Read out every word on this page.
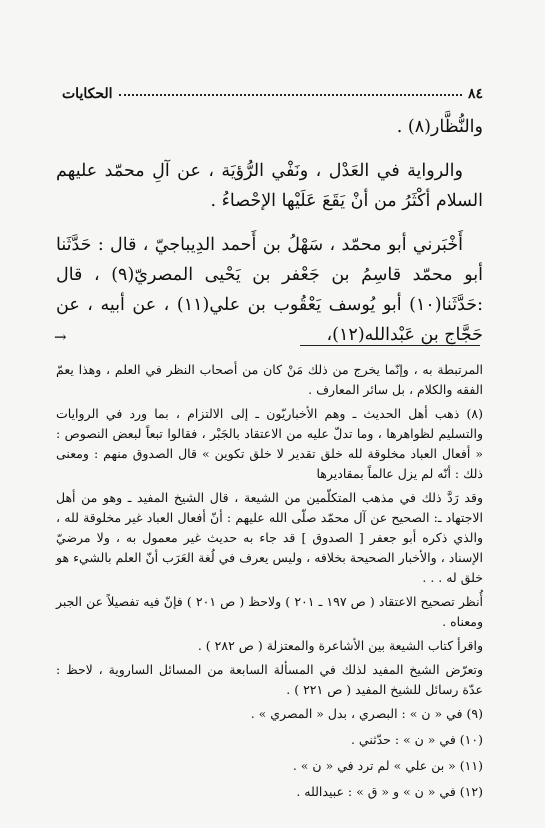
٨٤
الحكايات

والنُّظَّار(٨) .

والرواية في العَدْل ، ونَفْي الرُّؤيَة ، عن آلِ محمّد عليهم السلام أكْثَرُ من أنْ يَقَعَ عَلَيْها الإحْصاءُ .

أَخْبَرني أبو محمّد ، سَهْلُ بن أَحمد الدِيباجيّ ، قال : حَدَّثَنا أبو محمّد قاسِمُ بن جَعْفر بن يَحْيى المصريّ(٩) ، قال :حَدَّثَنا(١٠) أبو يُوسف يَعْقُوب بن علي(١١) ، عن أبيه ، عن حَجَّاج بن عَبْدالله(١٢)،

→

المرتبطة به ، وإنّما يخرج من ذلك مَنْ كان من أصحاب النظر في العلم ، وهذا يعمّ الفقه والكلام ، بل سائر المعارف .

(٨) ذهب أهل الحديث ـ وهم الأخباريّون ـ إلى الالتزام ، بما ورد في الروايات والتسليم لظواهرها ، وما تدلّ عليه من الاعتقاد بالجَبْر ، فقالوا تبعاً لبعض النصوص : « أفعال العباد مخلوقة لله خلق تقدير لا خلق تكوين » قال الصدوق منهم : ومعنى ذلك : أنّه لم يزل عالماً بمقاديرها

وقد رَدَّ ذلك في مذهب المتكلّمين من الشيعة ، قال الشيخ المفيد ـ وهو من أهل الاجتهاد ـ: الصحيح عن آل محمّد صلّى الله عليهم : أنّ أفعال العباد غير مخلوقة لله ، والذي ذكره أبو جعفر [ الصدوق ] قد جاء به حديث غير معمول به ، ولا مرضيّ الإسناد ، والأخبار الصحيحة بخلافه ، وليس يعرف في لُغة العَرَب أنّ العلم بالشيء هو خلق له . . .

أُنظر تصحيح الاعتقاد ( ص ١٩٧ ـ ٢٠١ ) ولاحظ ( ص ٢٠١ ) فإنّ فيه تفصيلاً عن الجبر ومعناه .

واقرأ كتاب الشيعة بين الأشاعرة والمعتزلة ( ص ٢٨٢ ) .

وتعرّض الشيخ المفيد لذلك في المسألة السابعة من المسائل الساروية ، لاحظ : عدّة رسائل للشيخ المفيد ( ص ٢٢١ ) .

(٩) في « ن » : البصري ، بدل « المصري » .

(١٠) في « ن » : حدّثني .

(١١) « بن علي » لم ترد في « ن » .

(١٢) في « ن » و « ق » : عبيدالله .
